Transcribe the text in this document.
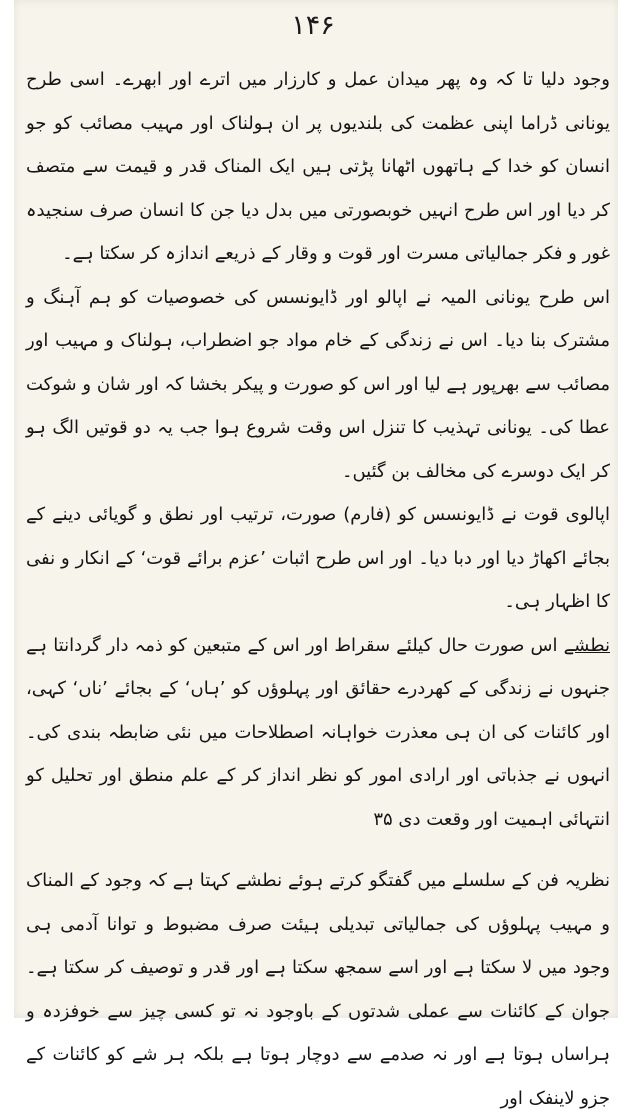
۱۴۶

وجود دلیا تا کہ وہ پھر میدان عمل و کارزار میں اترے اور ابھرے۔ اسی طرح یونانی ڈراما اپنی عظمت کی بلندیوں پر ان ہولناک اور مہیب مصائب کو جو انسان کو خدا کے ہاتھوں اٹھانا پڑتی ہیں ایک المناک قدر و قیمت سے متصف کر دیا اور اس طرح انہیں خوبصورتی میں بدل دیا جن کا انسان صرف سنجیدہ غور و فکر جمالیاتی مسرت اور قوت و وقار کے ذریعے اندازہ کر سکتا ہے۔

اس طرح یونانی المیہ نے اپالو اور ڈایونسس کی خصوصیات کو ہم آہنگ و مشترک بنا دیا۔ اس نے زندگی کے خام مواد جو اضطراب، ہولناک و مہیب اور مصائب سے بھرپور ہے لیا اور اس کو صورت و پیکر بخشا کہ اور شان و شوکت عطا کی۔ یونانی تہذیب کا تنزل اس وقت شروع ہوا جب یہ دو قوتیں الگ ہو کر ایک دوسرے کی مخالف بن گئیں۔

اپالوی قوت نے ڈایونسس کو (فارم) صورت، ترتیب اور نطق و گویائی دینے کے بجائے اکھاڑ دیا اور دبا دیا۔ اور اس طرح اثبات ’عزم برائے قوت‘ کے انکار و نفی کا اظہار ہی۔

نطشے اس صورت حال کیلئے سقراط اور اس کے متبعین کو ذمہ دار گردانتا ہے جنہوں نے زندگی کے کھردرے حقائق اور پہلوؤں کو ’ہاں‘ کے بجائے ’ناں‘ کہی، اور کائنات کی ان ہی معذرت خواہانہ اصطلاحات میں نئی ضابطہ بندی کی۔ انہوں نے جذباتی اور ارادی امور کو نظر انداز کر کے علم منطق اور تحلیل کو انتہائی اہمیت اور وقعت دی ۳۵

نظریہ فن کے سلسلے میں گفتگو کرتے ہوئے نطشے کہتا ہے کہ وجود کے المناک و مہیب پہلوؤں کی جمالیاتی تبدیلی ہیئت صرف مضبوط و توانا آدمی ہی وجود میں لا سکتا ہے اور اسے سمجھ سکتا ہے اور قدر و توصیف کر سکتا ہے۔ جوان کے کائنات سے عملی شدتوں کے باوجود نہ تو کسی چیز سے خوفزدہ و ہراساں ہوتا ہے اور نہ صدمے سے دوچار ہوتا ہے بلکہ ہر شے کو کائنات کے جزو لاینفک اور
